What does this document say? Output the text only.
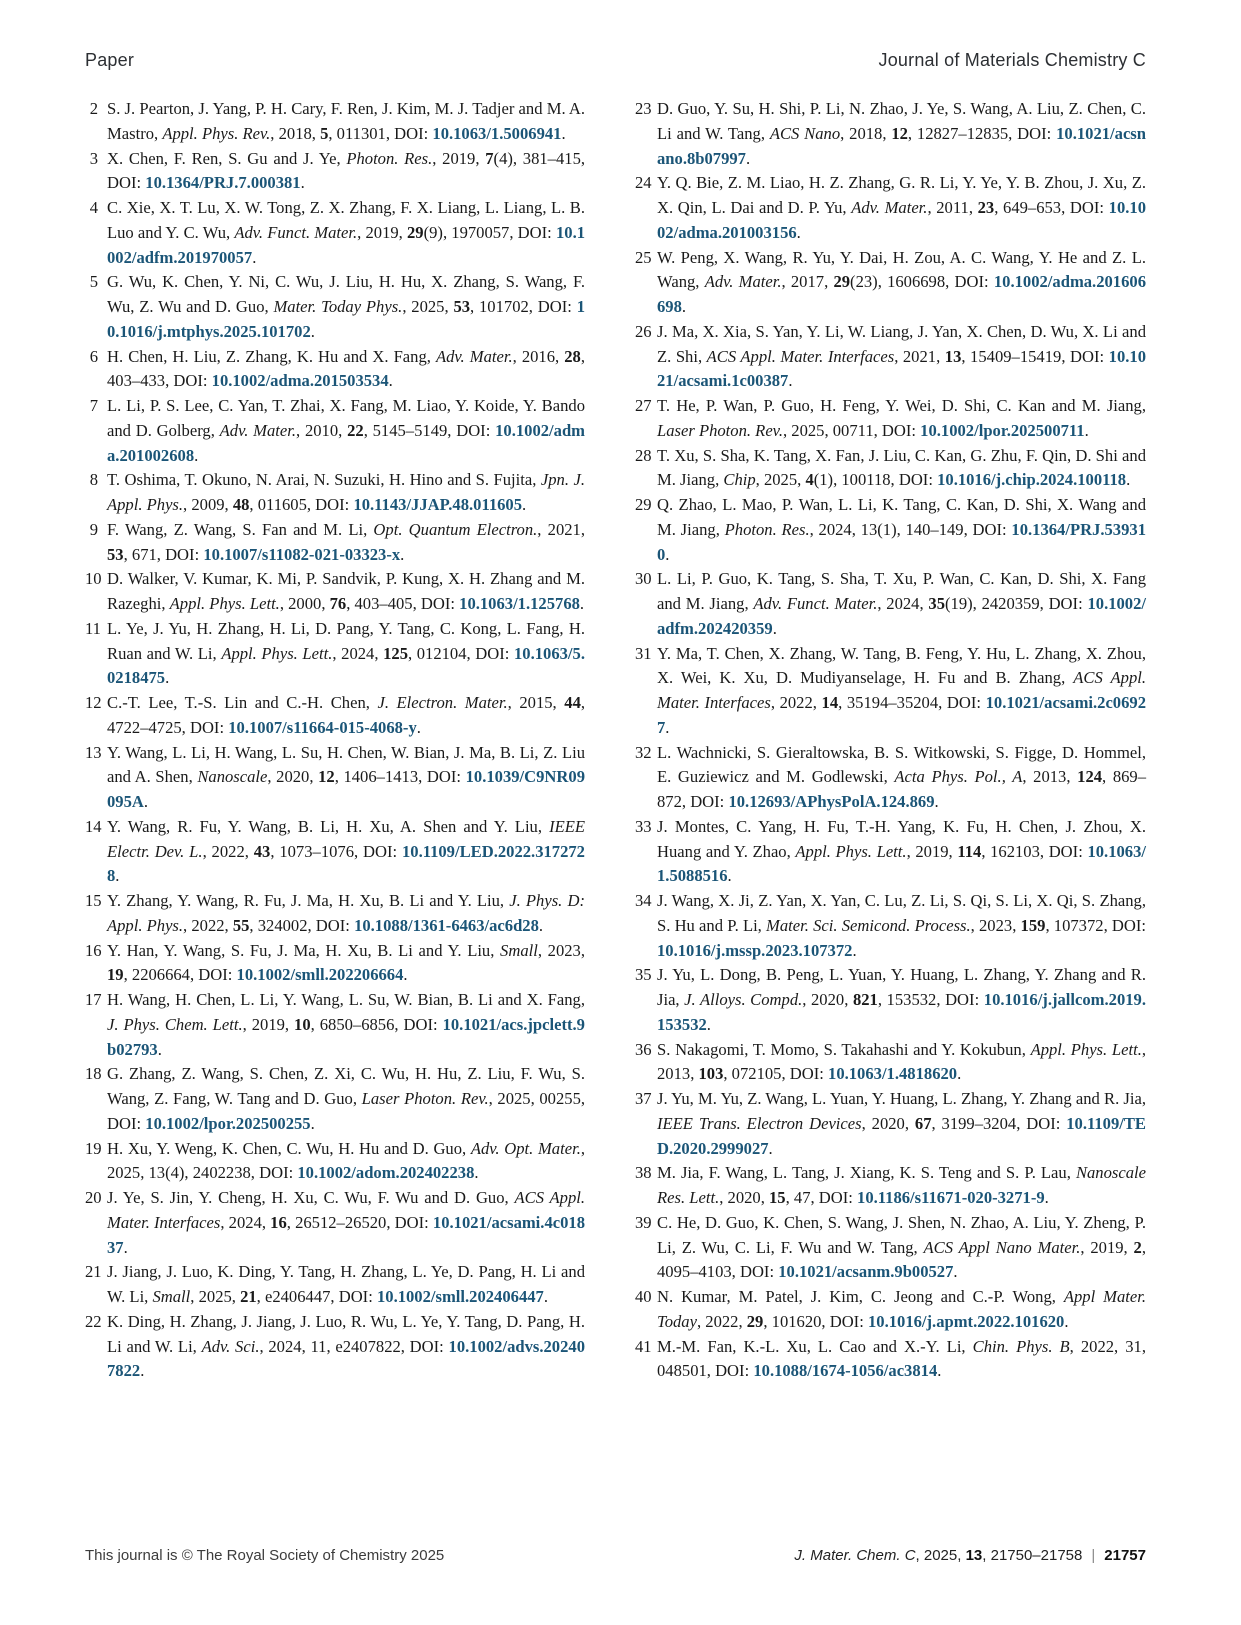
Paper	Journal of Materials Chemistry C
2 S. J. Pearton, J. Yang, P. H. Cary, F. Ren, J. Kim, M. J. Tadjer and M. A. Mastro, Appl. Phys. Rev., 2018, 5, 011301, DOI: 10.1063/1.5006941.
3 X. Chen, F. Ren, S. Gu and J. Ye, Photon. Res., 2019, 7(4), 381–415, DOI: 10.1364/PRJ.7.000381.
4 C. Xie, X. T. Lu, X. W. Tong, Z. X. Zhang, F. X. Liang, L. Liang, L. B. Luo and Y. C. Wu, Adv. Funct. Mater., 2019, 29(9), 1970057, DOI: 10.1002/adfm.201970057.
5 G. Wu, K. Chen, Y. Ni, C. Wu, J. Liu, H. Hu, X. Zhang, S. Wang, F. Wu, Z. Wu and D. Guo, Mater. Today Phys., 2025, 53, 101702, DOI: 10.1016/j.mtphys.2025.101702.
6 H. Chen, H. Liu, Z. Zhang, K. Hu and X. Fang, Adv. Mater., 2016, 28, 403–433, DOI: 10.1002/adma.201503534.
7 L. Li, P. S. Lee, C. Yan, T. Zhai, X. Fang, M. Liao, Y. Koide, Y. Bando and D. Golberg, Adv. Mater., 2010, 22, 5145–5149, DOI: 10.1002/adma.201002608.
8 T. Oshima, T. Okuno, N. Arai, N. Suzuki, H. Hino and S. Fujita, Jpn. J. Appl. Phys., 2009, 48, 011605, DOI: 10.1143/JJAP.48.011605.
9 F. Wang, Z. Wang, S. Fan and M. Li, Opt. Quantum Electron., 2021, 53, 671, DOI: 10.1007/s11082-021-03323-x.
10 D. Walker, V. Kumar, K. Mi, P. Sandvik, P. Kung, X. H. Zhang and M. Razeghi, Appl. Phys. Lett., 2000, 76, 403–405, DOI: 10.1063/1.125768.
11 L. Ye, J. Yu, H. Zhang, H. Li, D. Pang, Y. Tang, C. Kong, L. Fang, H. Ruan and W. Li, Appl. Phys. Lett., 2024, 125, 012104, DOI: 10.1063/5.0218475.
12 C.-T. Lee, T.-S. Lin and C.-H. Chen, J. Electron. Mater., 2015, 44, 4722–4725, DOI: 10.1007/s11664-015-4068-y.
13 Y. Wang, L. Li, H. Wang, L. Su, H. Chen, W. Bian, J. Ma, B. Li, Z. Liu and A. Shen, Nanoscale, 2020, 12, 1406–1413, DOI: 10.1039/C9NR09095A.
14 Y. Wang, R. Fu, Y. Wang, B. Li, H. Xu, A. Shen and Y. Liu, IEEE Electr. Dev. L., 2022, 43, 1073–1076, DOI: 10.1109/LED.2022.3172728.
15 Y. Zhang, Y. Wang, R. Fu, J. Ma, H. Xu, B. Li and Y. Liu, J. Phys. D: Appl. Phys., 2022, 55, 324002, DOI: 10.1088/1361-6463/ac6d28.
16 Y. Han, Y. Wang, S. Fu, J. Ma, H. Xu, B. Li and Y. Liu, Small, 2023, 19, 2206664, DOI: 10.1002/smll.202206664.
17 H. Wang, H. Chen, L. Li, Y. Wang, L. Su, W. Bian, B. Li and X. Fang, J. Phys. Chem. Lett., 2019, 10, 6850–6856, DOI: 10.1021/acs.jpclett.9b02793.
18 G. Zhang, Z. Wang, S. Chen, Z. Xi, C. Wu, H. Hu, Z. Liu, F. Wu, S. Wang, Z. Fang, W. Tang and D. Guo, Laser Photon. Rev., 2025, 00255, DOI: 10.1002/lpor.202500255.
19 H. Xu, Y. Weng, K. Chen, C. Wu, H. Hu and D. Guo, Adv. Opt. Mater., 2025, 13(4), 2402238, DOI: 10.1002/adom.202402238.
20 J. Ye, S. Jin, Y. Cheng, H. Xu, C. Wu, F. Wu and D. Guo, ACS Appl. Mater. Interfaces, 2024, 16, 26512–26520, DOI: 10.1021/acsami.4c01837.
21 J. Jiang, J. Luo, K. Ding, Y. Tang, H. Zhang, L. Ye, D. Pang, H. Li and W. Li, Small, 2025, 21, e2406447, DOI: 10.1002/smll.202406447.
22 K. Ding, H. Zhang, J. Jiang, J. Luo, R. Wu, L. Ye, Y. Tang, D. Pang, H. Li and W. Li, Adv. Sci., 2024, 11, e2407822, DOI: 10.1002/advs.202407822.
23 D. Guo, Y. Su, H. Shi, P. Li, N. Zhao, J. Ye, S. Wang, A. Liu, Z. Chen, C. Li and W. Tang, ACS Nano, 2018, 12, 12827–12835, DOI: 10.1021/acsnano.8b07997.
24 Y. Q. Bie, Z. M. Liao, H. Z. Zhang, G. R. Li, Y. Ye, Y. B. Zhou, J. Xu, Z. X. Qin, L. Dai and D. P. Yu, Adv. Mater., 2011, 23, 649–653, DOI: 10.1002/adma.201003156.
25 W. Peng, X. Wang, R. Yu, Y. Dai, H. Zou, A. C. Wang, Y. He and Z. L. Wang, Adv. Mater., 2017, 29(23), 1606698, DOI: 10.1002/adma.201606698.
26 J. Ma, X. Xia, S. Yan, Y. Li, W. Liang, J. Yan, X. Chen, D. Wu, X. Li and Z. Shi, ACS Appl. Mater. Interfaces, 2021, 13, 15409–15419, DOI: 10.1021/acsami.1c00387.
27 T. He, P. Wan, P. Guo, H. Feng, Y. Wei, D. Shi, C. Kan and M. Jiang, Laser Photon. Rev., 2025, 00711, DOI: 10.1002/lpor.202500711.
28 T. Xu, S. Sha, K. Tang, X. Fan, J. Liu, C. Kan, G. Zhu, F. Qin, D. Shi and M. Jiang, Chip, 2025, 4(1), 100118, DOI: 10.1016/j.chip.2024.100118.
29 Q. Zhao, L. Mao, P. Wan, L. Li, K. Tang, C. Kan, D. Shi, X. Wang and M. Jiang, Photon. Res., 2024, 13(1), 140–149, DOI: 10.1364/PRJ.539310.
30 L. Li, P. Guo, K. Tang, S. Sha, T. Xu, P. Wan, C. Kan, D. Shi, X. Fang and M. Jiang, Adv. Funct. Mater., 2024, 35(19), 2420359, DOI: 10.1002/adfm.202420359.
31 Y. Ma, T. Chen, X. Zhang, W. Tang, B. Feng, Y. Hu, L. Zhang, X. Zhou, X. Wei, K. Xu, D. Mudiyanselage, H. Fu and B. Zhang, ACS Appl. Mater. Interfaces, 2022, 14, 35194–35204, DOI: 10.1021/acsami.2c06927.
32 L. Wachnicki, S. Gieraltowska, B. S. Witkowski, S. Figge, D. Hommel, E. Guziewicz and M. Godlewski, Acta Phys. Pol., A, 2013, 124, 869–872, DOI: 10.12693/APhysPolA.124.869.
33 J. Montes, C. Yang, H. Fu, T.-H. Yang, K. Fu, H. Chen, J. Zhou, X. Huang and Y. Zhao, Appl. Phys. Lett., 2019, 114, 162103, DOI: 10.1063/1.5088516.
34 J. Wang, X. Ji, Z. Yan, X. Yan, C. Lu, Z. Li, S. Qi, S. Li, X. Qi, S. Zhang, S. Hu and P. Li, Mater. Sci. Semicond. Process., 2023, 159, 107372, DOI: 10.1016/j.mssp.2023.107372.
35 J. Yu, L. Dong, B. Peng, L. Yuan, Y. Huang, L. Zhang, Y. Zhang and R. Jia, J. Alloys. Compd., 2020, 821, 153532, DOI: 10.1016/j.jallcom.2019.153532.
36 S. Nakagomi, T. Momo, S. Takahashi and Y. Kokubun, Appl. Phys. Lett., 2013, 103, 072105, DOI: 10.1063/1.4818620.
37 J. Yu, M. Yu, Z. Wang, L. Yuan, Y. Huang, L. Zhang, Y. Zhang and R. Jia, IEEE Trans. Electron Devices, 2020, 67, 3199–3204, DOI: 10.1109/TED.2020.2999027.
38 M. Jia, F. Wang, L. Tang, J. Xiang, K. S. Teng and S. P. Lau, Nanoscale Res. Lett., 2020, 15, 47, DOI: 10.1186/s11671-020-3271-9.
39 C. He, D. Guo, K. Chen, S. Wang, J. Shen, N. Zhao, A. Liu, Y. Zheng, P. Li, Z. Wu, C. Li, F. Wu and W. Tang, ACS Appl Nano Mater., 2019, 2, 4095–4103, DOI: 10.1021/acsanm.9b00527.
40 N. Kumar, M. Patel, J. Kim, C. Jeong and C.-P. Wong, Appl Mater. Today, 2022, 29, 101620, DOI: 10.1016/j.apmt.2022.101620.
41 M.-M. Fan, K.-L. Xu, L. Cao and X.-Y. Li, Chin. Phys. B, 2022, 31, 048501, DOI: 10.1088/1674-1056/ac3814.
This journal is © The Royal Society of Chemistry 2025	J. Mater. Chem. C, 2025, 13, 21750–21758 | 21757
